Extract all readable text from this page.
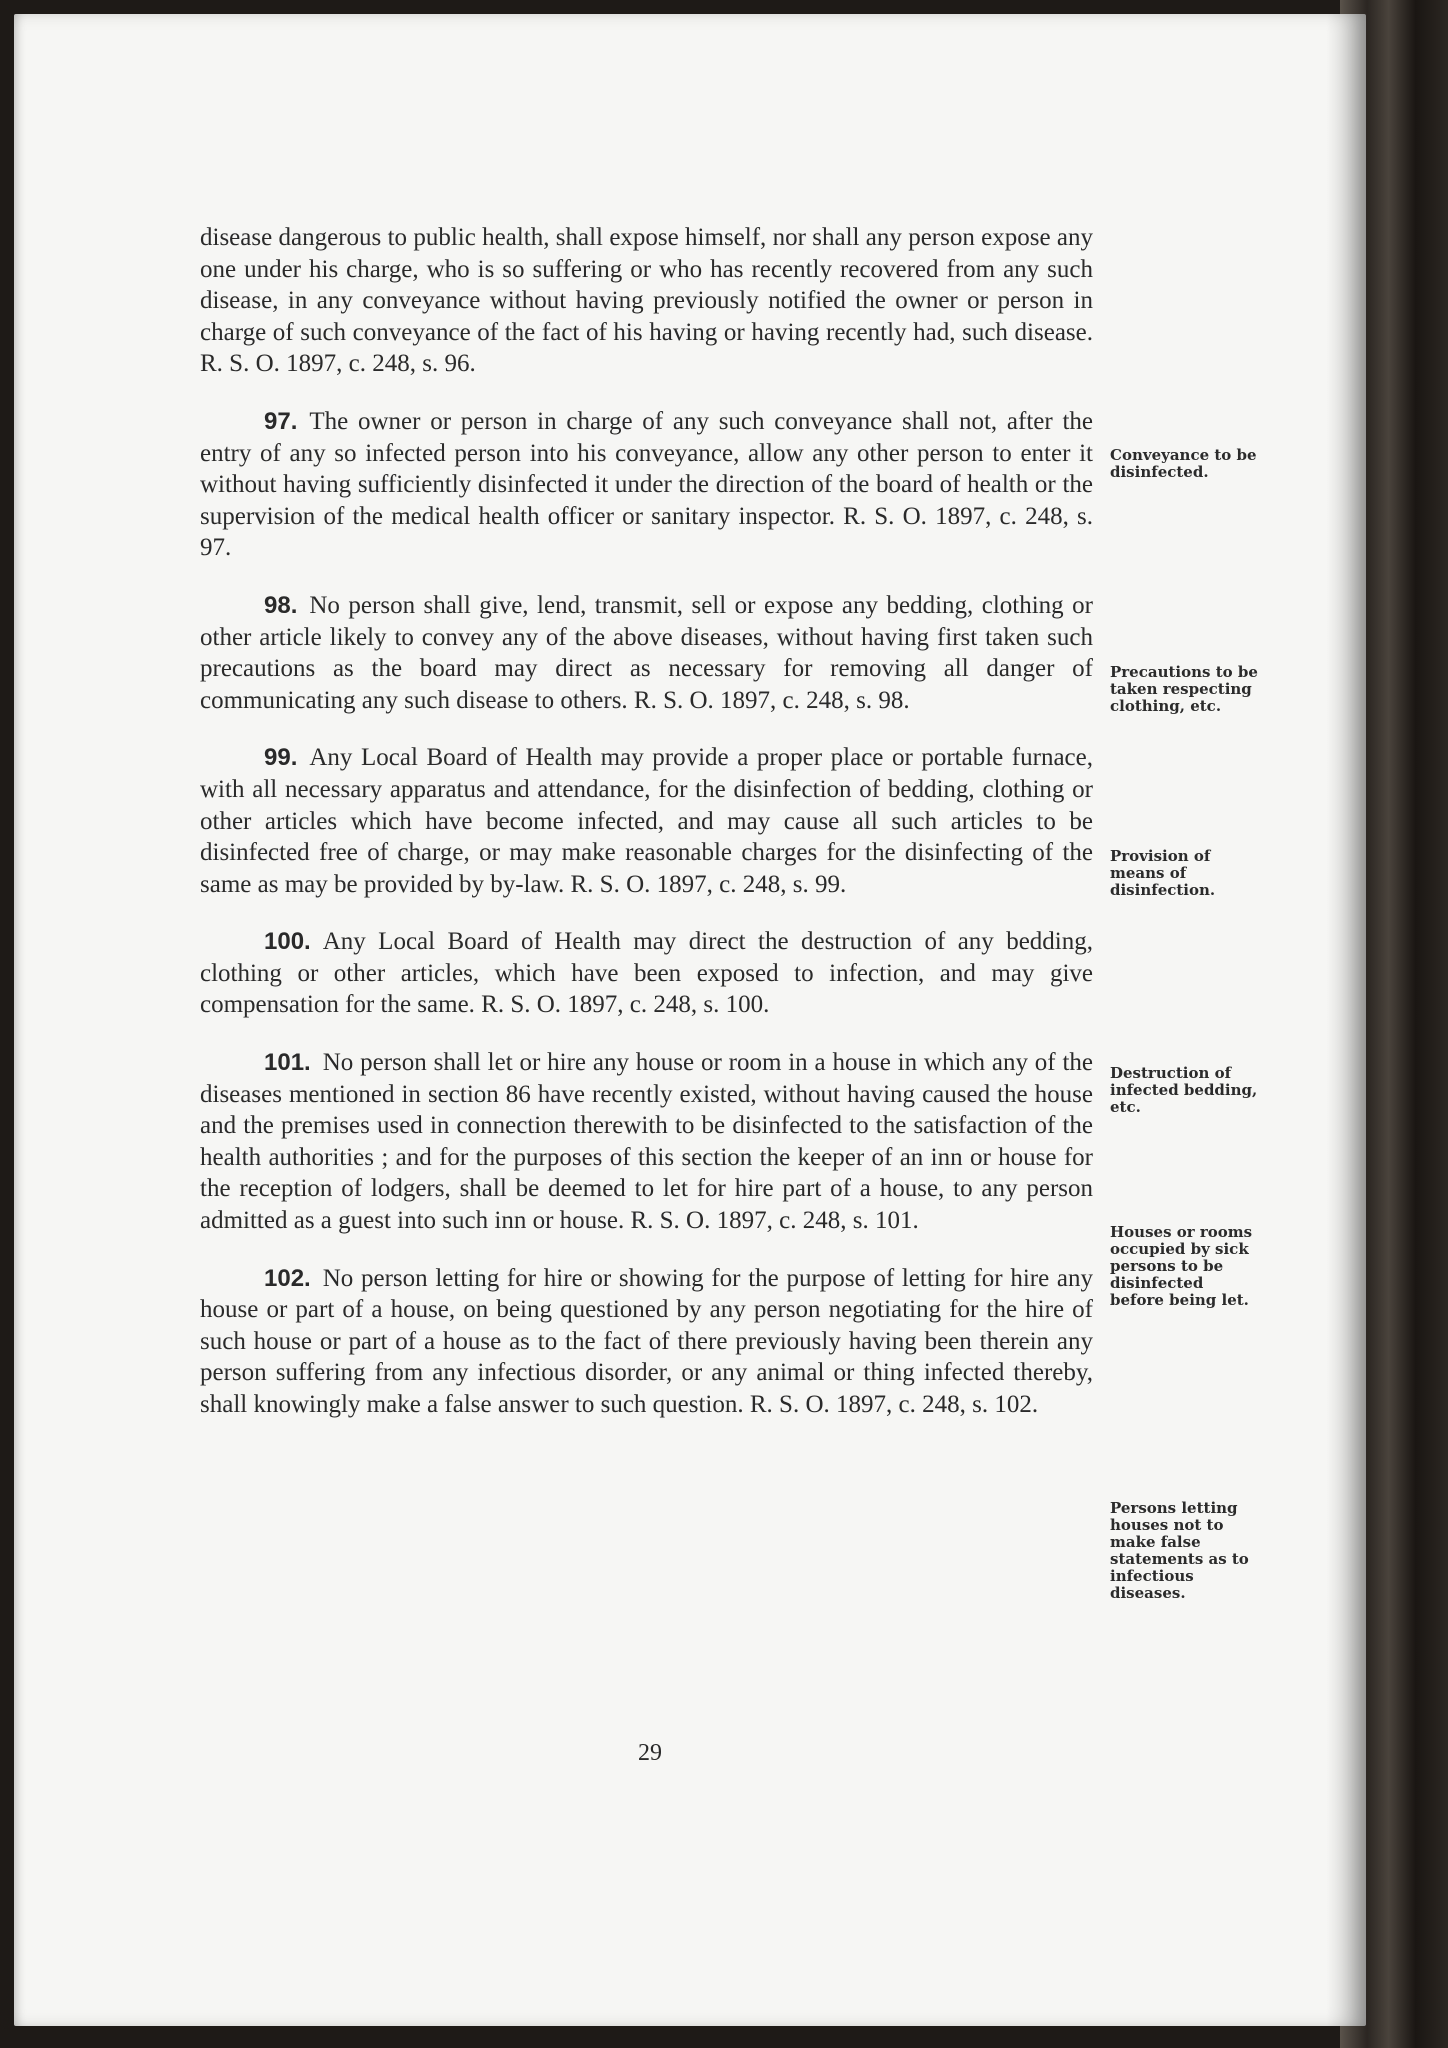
disease dangerous to public health, shall expose himself, nor shall any person expose any one under his charge, who is so suffering or who has recently recovered from any such disease, in any conveyance without having previously notified the owner or person in charge of such conveyance of the fact of his having or having recently had, such disease. R. S. O. 1897, c. 248, s. 96.

97. The owner or person in charge of any such conveyance shall not, after the entry of any so infected person into his conveyance, allow any other person to enter it without having sufficiently disinfected it under the direction of the board of health or the supervision of the medical health officer or sanitary inspector. R. S. O. 1897, c. 248, s. 97.

98. No person shall give, lend, transmit, sell or expose any bedding, clothing or other article likely to convey any of the above diseases, without having first taken such precautions as the board may direct as necessary for removing all danger of communicating any such disease to others. R. S. O. 1897, c. 248, s. 98.

99. Any Local Board of Health may provide a proper place or portable furnace, with all necessary apparatus and attendance, for the disinfection of bedding, clothing or other articles which have become infected, and may cause all such articles to be disinfected free of charge, or may make reasonable charges for the disinfecting of the same as may be provided by by-law. R. S. O. 1897, c. 248, s. 99.

100. Any Local Board of Health may direct the destruction of any bedding, clothing or other articles, which have been exposed to infection, and may give compensation for the same. R. S. O. 1897, c. 248, s. 100.

101. No person shall let or hire any house or room in a house in which any of the diseases mentioned in section 86 have recently existed, without having caused the house and the premises used in connection therewith to be disinfected to the satisfaction of the health authorities ; and for the purposes of this section the keeper of an inn or house for the reception of lodgers, shall be deemed to let for hire part of a house, to any person admitted as a guest into such inn or house. R. S. O. 1897, c. 248, s. 101.

102. No person letting for hire or showing for the purpose of letting for hire any house or part of a house, on being questioned by any person negotiating for the hire of such house or part of a house as to the fact of there previously having been therein any person suffering from any infectious disorder, or any animal or thing infected thereby, shall knowingly make a false answer to such question. R. S. O. 1897, c. 248, s. 102.

Conveyance to be disinfected.
Precautions to be taken respecting clothing, etc.
Provision of means of disinfection.
Destruction of infected bedding, etc.
Houses or rooms occupied by sick persons to be disinfected before being let.
Persons letting houses not to make false statements as to infectious diseases.
29
